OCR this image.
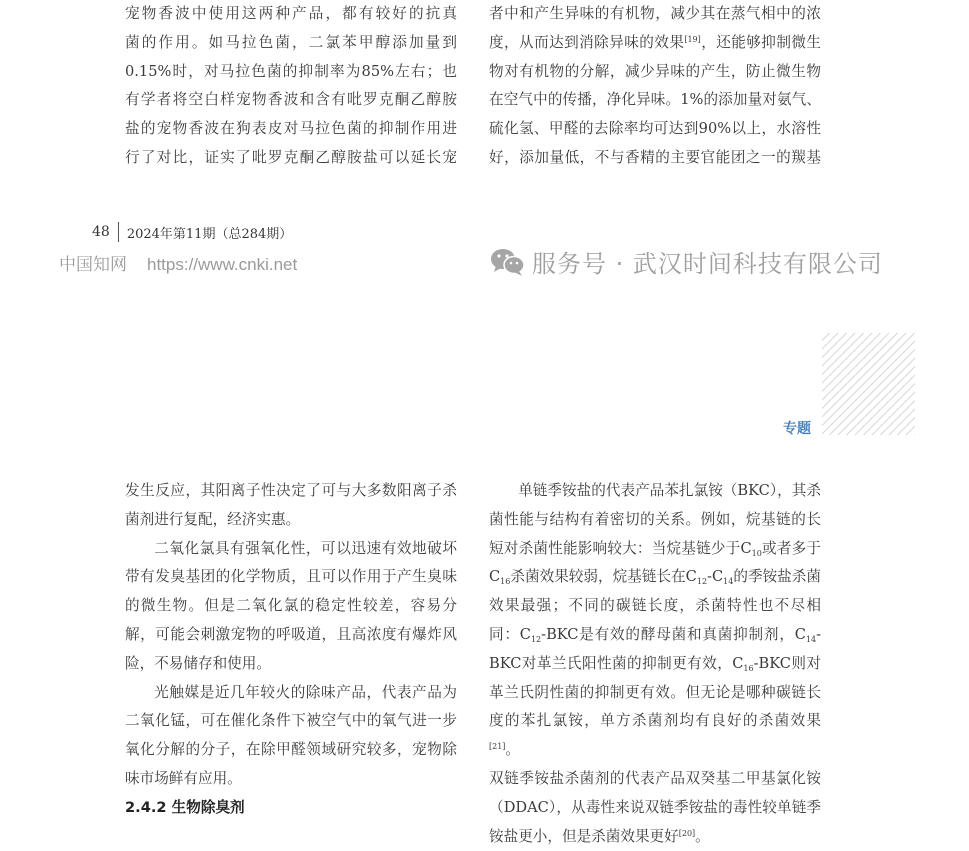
宠物香波中使用这两种产品，都有较好的抗真
菌的作用。如马拉色菌，二氯苯甲醇添加量到
0.15%时，对马拉色菌的抑制率为85%左右；也
有学者将空白样宠物香波和含有吡罗克酮乙醇胺
盐的宠物香波在狗表皮对马拉色菌的抑制作用进
行了对比，证实了吡罗克酮乙醇胺盐可以延长宠
者中和产生异味的有机物，减少其在蒸气相中的浓
度，从而达到消除异味的效果[19]，还能够抑制微生
物对有机物的分解，减少异味的产生，防止微生物
在空气中的传播，净化异味。1%的添加量对氨气、
硫化氢、甲醛的去除率均可达到90%以上，水溶性
好，添加量低，不与香精的主要官能团之一的羰基
48	2024年第11期（总284期）
中国知网 https://www.cnki.net	服务号 · 武汉时间科技有限公司
专题

发生反应，其阳离子性决定了可与大多数阳离子杀菌剂进行复配，经济实惠。

二氧化氯具有强氧化性，可以迅速有效地破坏带有发臭基团的化学物质，且可以作用于产生臭味的微生物。但是二氧化氯的稳定性较差，容易分解，可能会刺激宠物的呼吸道，且高浓度有爆炸风险，不易储存和使用。

光触媒是近几年较火的除味产品，代表产品为二氧化锰，可在催化条件下被空气中的氧气进一步氧化分解的分子，在除甲醛领域研究较多，宠物除味市场鲜有应用。

2.4.2 生物除臭剂

单链季铵盐的代表产品苯扎氯铵（BKC），其杀菌性能与结构有着密切的关系。例如，烷基链的长短对杀菌性能影响较大：当烷基链少于$C_{10}$或者多于$C_{16}$杀菌效果较弱，烷基链长在$C_{12}-C_{14}$的季铵盐杀菌效果最强；不同的碳链长度，杀菌特性也不尽相同：$C_{12}$-BKC是有效的酵母菌和真菌抑制剂，$C_{14}$-BKC对革兰氏阳性菌的抑制更有效，$C_{16}$-BKC则对革兰氏阴性菌的抑制更有效。但无论是哪种碳链长度的苯扎氯铵，单方杀菌剂均有良好的杀菌效果[21]。

双链季铵盐杀菌剂的代表产品双癸基二甲基氯化铵（DDAC），从毒性来说双链季铵盐的毒性较单链季铵盐更小，但是杀菌效果更好[20]。
